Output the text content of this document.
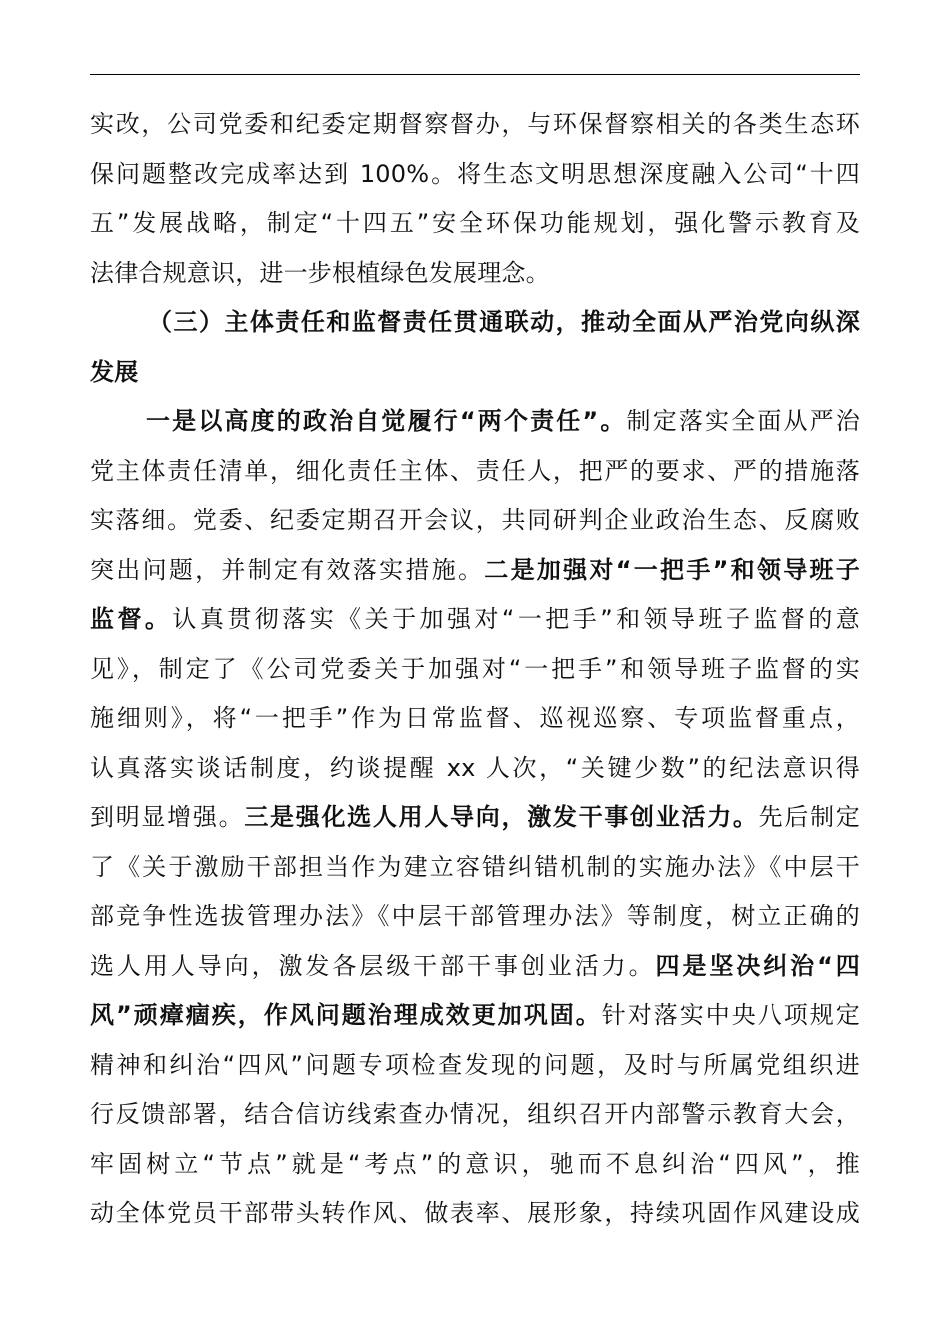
实改，公司党委和纪委定期督察督办，与环保督察相关的各类生态环
保问题整改完成率达到 100%。将生态文明思想深度融入公司“十四
五”发展战略，制定“十四五”安全环保功能规划，强化警示教育及
法律合规意识，进一步根植绿色发展理念。
（三）主体责任和监督责任贯通联动，推动全面从严治党向纵深
发展
一是以高度的政治自觉履行“两个责任”。制定落实全面从严治
党主体责任清单，细化责任主体、责任人，把严的要求、严的措施落
实落细。党委、纪委定期召开会议，共同研判企业政治生态、反腐败
突出问题，并制定有效落实措施。二是加强对“一把手”和领导班子
监督。认真贯彻落实《关于加强对“一把手”和领导班子监督的意
见》，制定了《公司党委关于加强对“一把手”和领导班子监督的实
施细则》，将“一把手”作为日常监督、巡视巡察、专项监督重点，
认真落实谈话制度，约谈提醒 xx 人次，“关键少数”的纪法意识得
到明显增强。三是强化选人用人导向，激发干事创业活力。先后制定
了《关于激励干部担当作为建立容错纠错机制的实施办法》《中层干
部竞争性选拔管理办法》《中层干部管理办法》等制度，树立正确的
选人用人导向，激发各层级干部干事创业活力。四是坚决纠治“四
风”顽瘴痼疾，作风问题治理成效更加巩固。针对落实中央八项规定
精神和纠治“四风”问题专项检查发现的问题，及时与所属党组织进
行反馈部署，结合信访线索查办情况，组织召开内部警示教育大会，
牢固树立“节点”就是“考点”的意识，驰而不息纠治“四风”，推
动全体党员干部带头转作风、做表率、展形象，持续巩固作风建设成
